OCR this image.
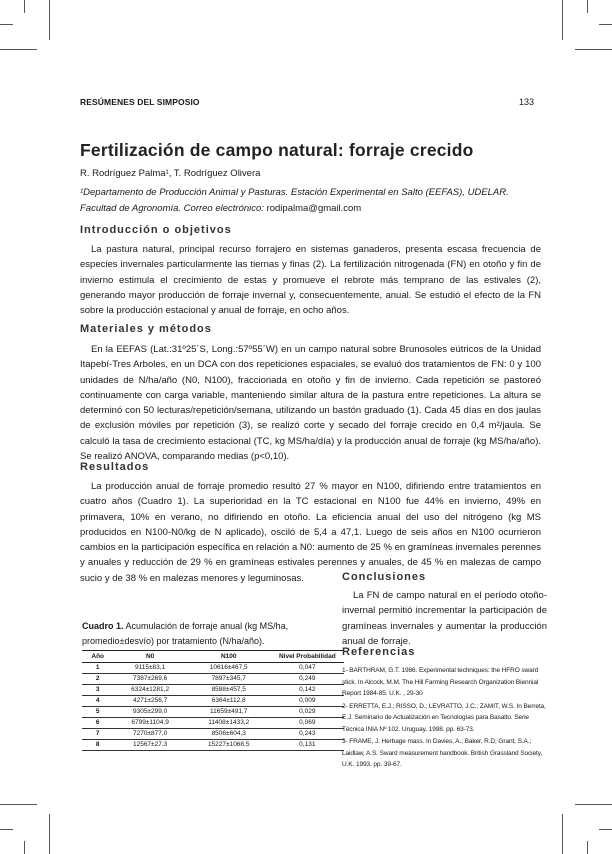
RESÚMENES DEL SIMPOSIO	133
Fertilización de campo natural: forraje crecido
R. Rodríguez Palma¹, T. Rodríguez Olivera
¹Departamento de Producción Animal y Pasturas. Estación Experimental en Salto (EEFAS), UDELAR.
Facultad de Agronomía. Correo electrónico: rodipalma@gmail.com
Introducción o objetivos

La pastura natural, principal recurso forrajero en sistemas ganaderos, presenta escasa frecuencia de especies invernales particularmente las tiernas y finas (2). La fertilización nitrogenada (FN) en otoño y fin de invierno estimula el crecimiento de estas y promueve el rebrote más temprano de las estivales (2), generando mayor producción de forraje invernal y, consecuentemente, anual. Se estudió el efecto de la FN sobre la producción estacional y anual de forraje, en ocho años.

Materiales y métodos

En la EEFAS (Lat.:31º25´S, Long.:57º55´W) en un campo natural sobre Brunosoles eútricos de la Unidad Itapebí-Tres Arboles, en un DCA con dos repeticiones espaciales, se evaluó dos tratamientos de FN: 0 y 100 unidades de N/ha/año (N0, N100), fraccionada en otoño y fin de invierno. Cada repetición se pastoreó continuamente con carga variable, manteniendo similar altura de la pastura entre repeticiones. La altura se determinó con 50 lecturas/repetición/semana, utilizando un bastón graduado (1). Cada 45 días en dos jaulas de exclusión móviles por repetición (3), se realizó corte y secado del forraje crecido en 0,4 m²/jaula. Se calculó la tasa de crecimiento estacional (TC, kg MS/ha/día) y la producción anual de forraje (kg MS/ha/año). Se realizó ANOVA, comparando medias (p<0,10).

Resultados

La producción anual de forraje promedio resultó 27 % mayor en N100, difiriendo entre tratamientos en cuatro años (Cuadro 1). La superioridad en la TC estacional en N100 fue 44% en invierno, 49% en primavera, 10% en verano, no difiriendo en otoño. La eficiencia anual del uso del nitrógeno (kg MS producidos en N100-N0/kg de N aplicado), osciló de 5,4 a 47,1. Luego de seis años en N100 ocurrieron cambios en la participación específica en relación a N0: aumento de 25 % en gramíneas invernales perennes y anuales y reducción de 29 % en gramíneas estivales perennes y anuales, de 45 % en malezas de campo sucio y de 38 % en malezas menores y leguminosas.	Conclusiones

La FN de campo natural en el período otoño-invernal permitió incrementar la participación de gramíneas invernales y aumentar la producción anual de forraje.

Cuadro 1. Acumulación de forraje anual (kg MS/ha, promedio±desvío) por tratamiento (N/ha/año).
Año	N0	N100	Nivel Probabilidad
1	9115±83,1	10616±467,5	0,047
2	7387±269,6	7897±345,7	0,249
3	6324±1281,2	8588±457,5	0,142
4	4271±256,7	6364±112,8	0,009
5	9305±299,0	11659±491,7	0,029
6	6799±1104,9	11408±1433,2	0,069
7	7270±877,0	8506±604,3	0,243
8	12567±27,3	15227±1068,5	0,131
Referencias

1- BARTHRAM, G.T. 1986. Experimental techniques: the HFRO sward stick. In Alcock, M.M. The Hill Farming Research Organization Biennial Report 1984-85. U.K. , 29-30

2- ERRETTA, E.J.; RISSO, D.; LEVRATTO, J.C.; ZAMIT, W.S. In Berreta, E.J. Seminario de Actualización en Tecnologías para Basalto. Serie Técnica INIA Nº 102. Uruguay. 1998. pp. 63-73.

3- FRAME, J. Herbage mass. In Davies, A.; Baker, R.D; Grant, S.A.; Laidlaw, A.S. Sward measurement handbook. British Grassland Society, U.K. 1993. pp. 39-67.
